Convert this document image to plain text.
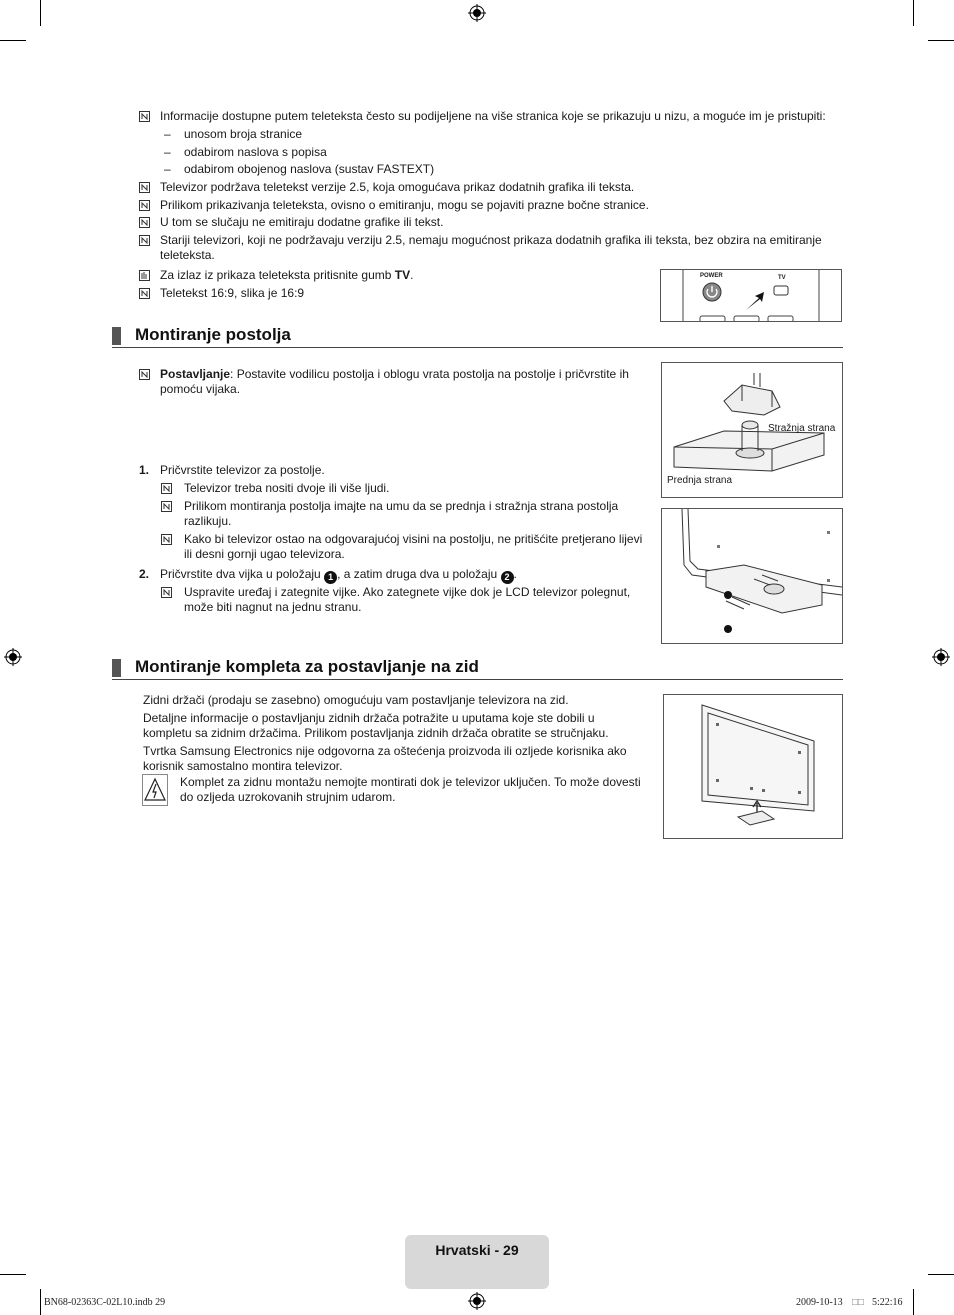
Informacije dostupne putem teleteksta često su podijeljene na više stranica koje se prikazuju u nizu, a moguće im je pristupiti:
– unosom broja stranice
– odabirom naslova s popisa
– odabirom obojenog naslova (sustav FASTEXT)
Televizor podržava teletekst verzije 2.5, koja omogućava prikaz dodatnih grafika ili teksta.
Prilikom prikazivanja teleteksta, ovisno o emitiranju, mogu se pojaviti prazne bočne stranice.
U tom se slučaju ne emitiraju dodatne grafike ili tekst.
Stariji televizori, koji ne podržavaju verziju 2.5, nemaju mogućnost prikaza dodatnih grafika ili teksta, bez obzira na emitiranje teleteksta.
Za izlaz iz prikaza teleteksta pritisnite gumb TV.
Teletekst 16:9, slika je 16:9
POWER	TV
Montiranje postolja
Postavljanje: Postavite vodilicu postolja i oblogu vrata postolja na postolje i pričvrstite ih pomoću vijaka.
Stražnja strana
Prednja strana
1. Pričvrstite televizor za postolje.
Televizor treba nositi dvoje ili više ljudi.
Prilikom montiranja postolja imajte na umu da se prednja i stražnja strana postolja razlikuju.
Kako bi televizor ostao na odgovarajućoj visini na postolju, ne pritišćite pretjerano lijevi ili desni gornji ugao televizora.
2. Pričvrstite dva vijka u položaju 1 , a zatim druga dva u položaju 2 .
Uspravite uređaj i zategnite vijke. Ako zategnete vijke dok je LCD televizor polegnut, može biti nagnut na jednu stranu.
Montiranje kompleta za postavljanje na zid
Zidni držači (prodaju se zasebno) omogućuju vam postavljanje televizora na zid.
Detaljne informacije o postavljanju zidnih držača potražite u uputama koje ste dobili u kompletu sa zidnim držačima. Prilikom postavljanja zidnih držača obratite se stručnjaku.
Tvrtka Samsung Electronics nije odgovorna za oštećenja proizvoda ili ozljede korisnika ako korisnik samostalno montira televizor.
Komplet za zidnu montažu nemojte montirati dok je televizor uključen. To može dovesti do ozljeda uzrokovanih strujnim udarom.
Hrvatski - 29
BN68-02363C-02L10.indb 29	2009-10-13 □□ 5:22:16
